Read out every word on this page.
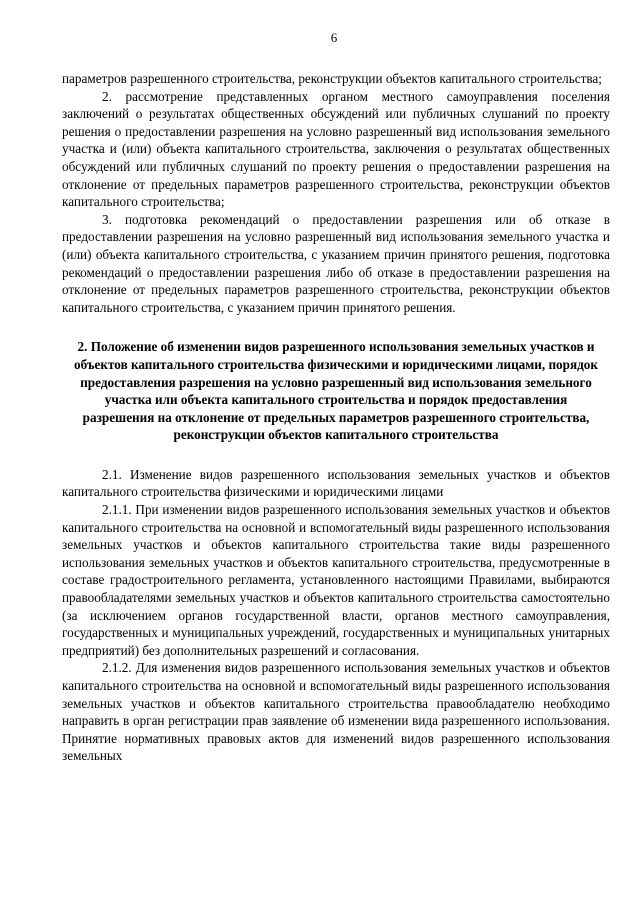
6

параметров разрешенного строительства, реконструкции объектов капитального строительства;

2. рассмотрение представленных органом местного самоуправления поселения заключений о результатах общественных обсуждений или публичных слушаний по проекту решения о предоставлении разрешения на условно разрешенный вид использования земельного участка и (или) объекта капитального строительства, заключения о результатах общественных обсуждений или публичных слушаний по проекту решения о предоставлении разрешения на отклонение от предельных параметров разрешенного строительства, реконструкции объектов капитального строительства;

3. подготовка рекомендаций о предоставлении разрешения или об отказе в предоставлении разрешения на условно разрешенный вид использования земельного участка и (или) объекта капитального строительства, с указанием причин принятого решения, подготовка рекомендаций о предоставлении разрешения либо об отказе в предоставлении разрешения на отклонение от предельных параметров разрешенного строительства, реконструкции объектов капитального строительства, с указанием причин принятого решения.

2. Положение об изменении видов разрешенного использования земельных участков и объектов капитального строительства физическими и юридическими лицами, порядок предоставления разрешения на условно разрешенный вид использования земельного участка или объекта капитального строительства и порядок предоставления разрешения на отклонение от предельных параметров разрешенного строительства, реконструкции объектов капитального строительства

2.1. Изменение видов разрешенного использования земельных участков и объектов капитального строительства физическими и юридическими лицами

2.1.1. При изменении видов разрешенного использования земельных участков и объектов капитального строительства на основной и вспомогательный виды разрешенного использования земельных участков и объектов капитального строительства такие виды разрешенного использования земельных участков и объектов капитального строительства, предусмотренные в составе градостроительного регламента, установленного настоящими Правилами, выбираются правообладателями земельных участков и объектов капитального строительства самостоятельно (за исключением органов государственной власти, органов местного самоуправления, государственных и муниципальных учреждений, государственных и муниципальных унитарных предприятий) без дополнительных разрешений и согласования.

2.1.2. Для изменения видов разрешенного использования земельных участков и объектов капитального строительства на основной и вспомогательный виды разрешенного использования земельных участков и объектов капитального строительства правообладателю необходимо направить в орган регистрации прав заявление об изменении вида разрешенного использования. Принятие нормативных правовых актов для изменений видов разрешенного использования земельных
